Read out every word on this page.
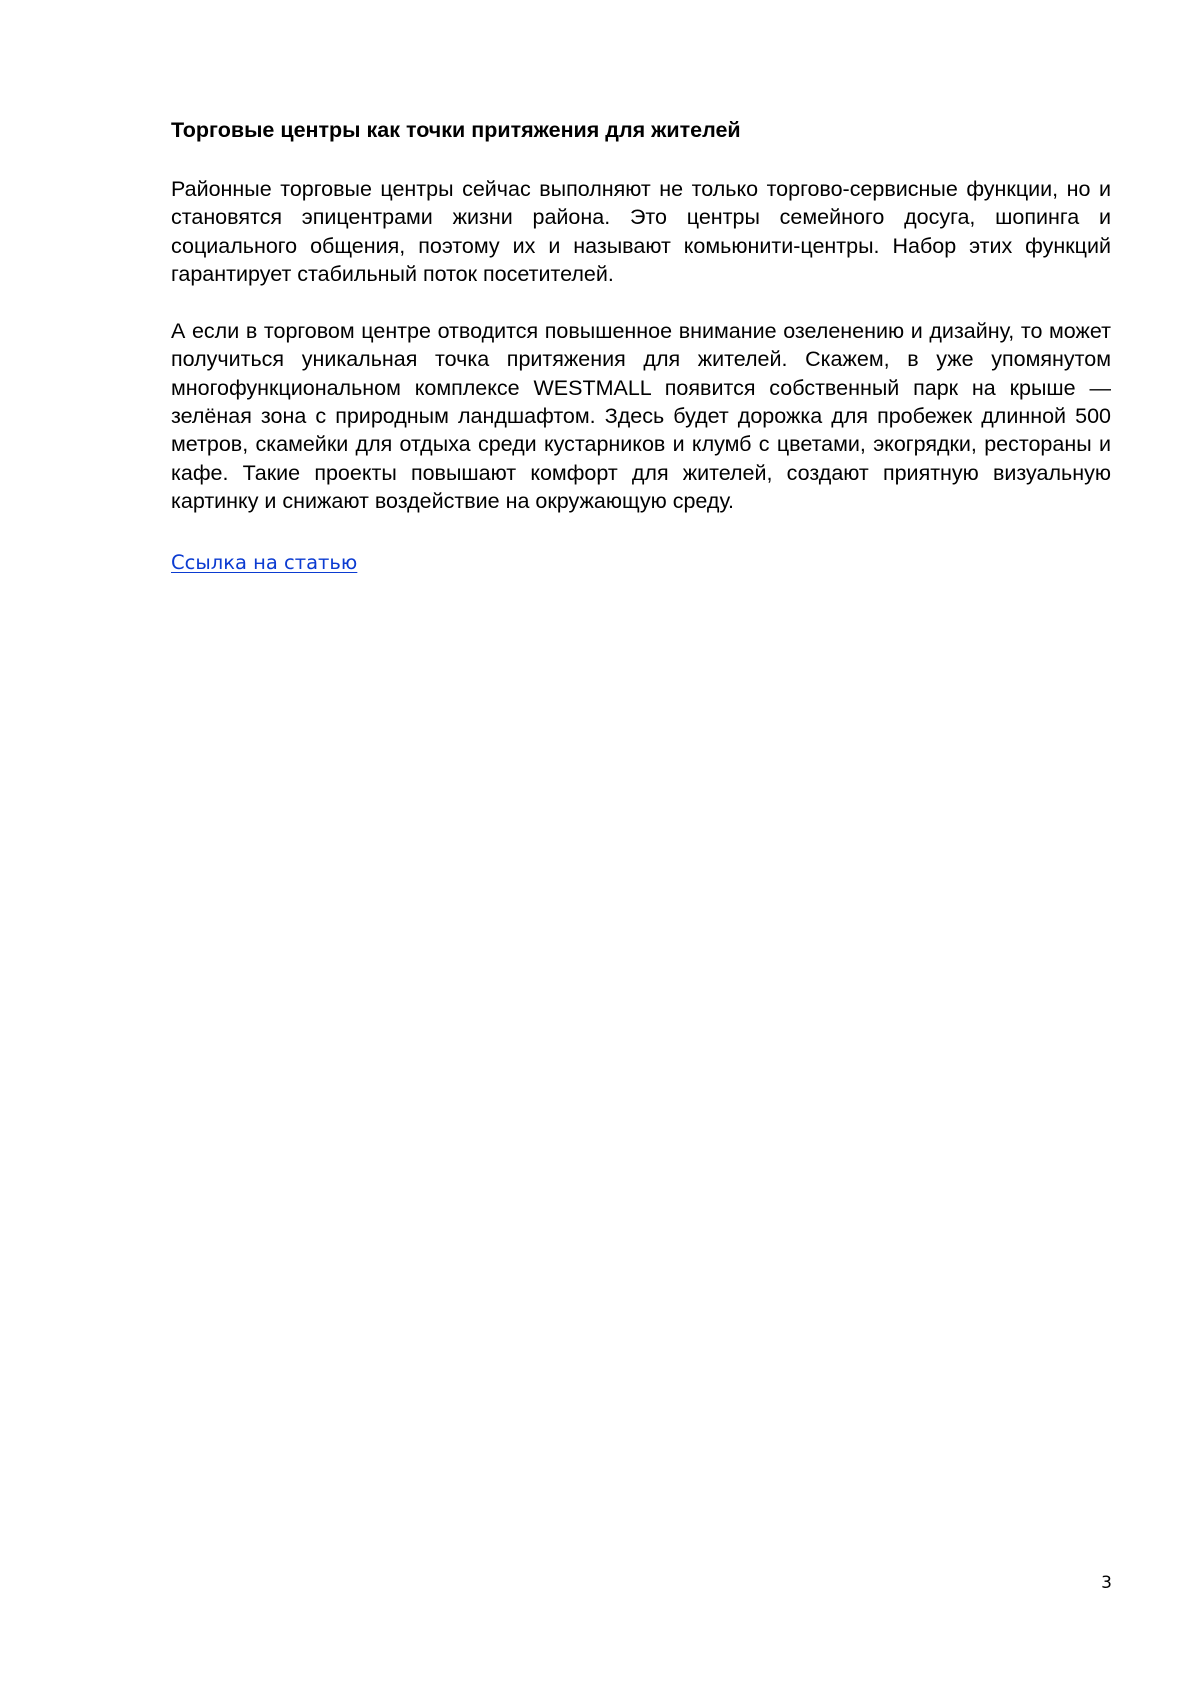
Торговые центры как точки притяжения для жителей

Районные торговые центры сейчас выполняют не только торгово-сервисные функции, но и становятся эпицентрами жизни района. Это центры семейного досуга, шопинга и социального общения, поэтому их и называют комьюнити-центры. Набор этих функций гарантирует стабильный поток посетителей.

А если в торговом центре отводится повышенное внимание озеленению и дизайну, то может получиться уникальная точка притяжения для жителей. Скажем, в уже упомянутом многофункциональном комплексе WESTMALL появится собственный парк на крыше — зелёная зона с природным ландшафтом. Здесь будет дорожка для пробежек длинной 500 метров, скамейки для отдыха среди кустарников и клумб с цветами, экогрядки, рестораны и кафе. Такие проекты повышают комфорт для жителей, создают приятную визуальную картинку и снижают воздействие на окружающую среду.

Ссылка на статью
3
